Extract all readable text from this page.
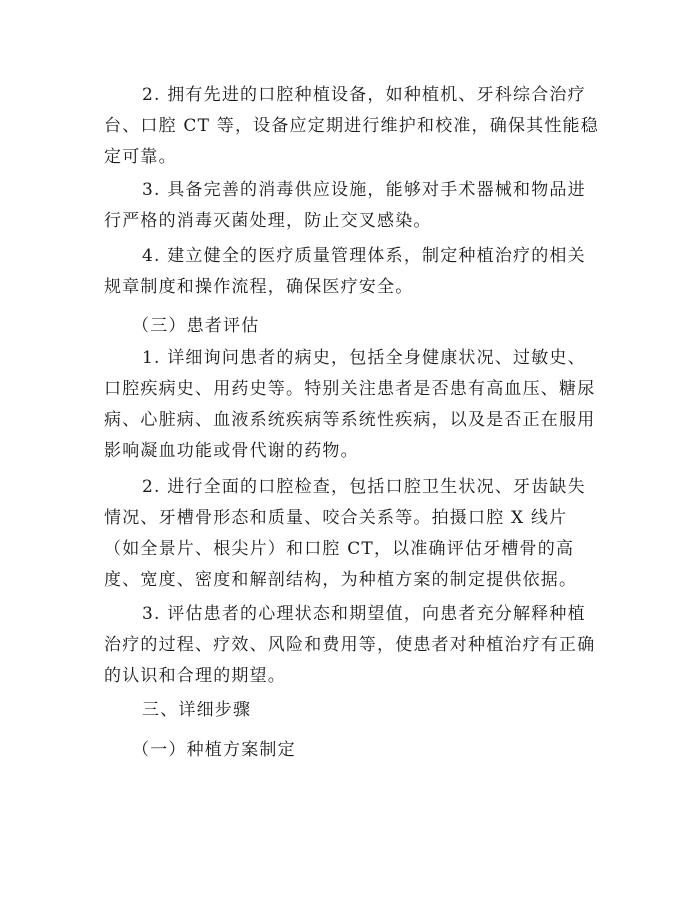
2. 拥有先进的口腔种植设备，如种植机、牙科综合治疗
台、口腔 CT 等，设备应定期进行维护和校准，确保其性能稳
定可靠。
3. 具备完善的消毒供应设施，能够对手术器械和物品进
行严格的消毒灭菌处理，防止交叉感染。
4. 建立健全的医疗质量管理体系，制定种植治疗的相关
规章制度和操作流程，确保医疗安全。

（三）患者评估

1. 详细询问患者的病史，包括全身健康状况、过敏史、
口腔疾病史、用药史等。特别关注患者是否患有高血压、糖尿
病、心脏病、血液系统疾病等系统性疾病，以及是否正在服用
影响凝血功能或骨代谢的药物。
2. 进行全面的口腔检查，包括口腔卫生状况、牙齿缺失
情况、牙槽骨形态和质量、咬合关系等。拍摄口腔 X 线片
（如全景片、根尖片）和口腔 CT，以准确评估牙槽骨的高
度、宽度、密度和解剖结构，为种植方案的制定提供依据。
3. 评估患者的心理状态和期望值，向患者充分解释种植
治疗的过程、疗效、风险和费用等，使患者对种植治疗有正确
的认识和合理的期望。

三、详细步骤

（一）种植方案制定
